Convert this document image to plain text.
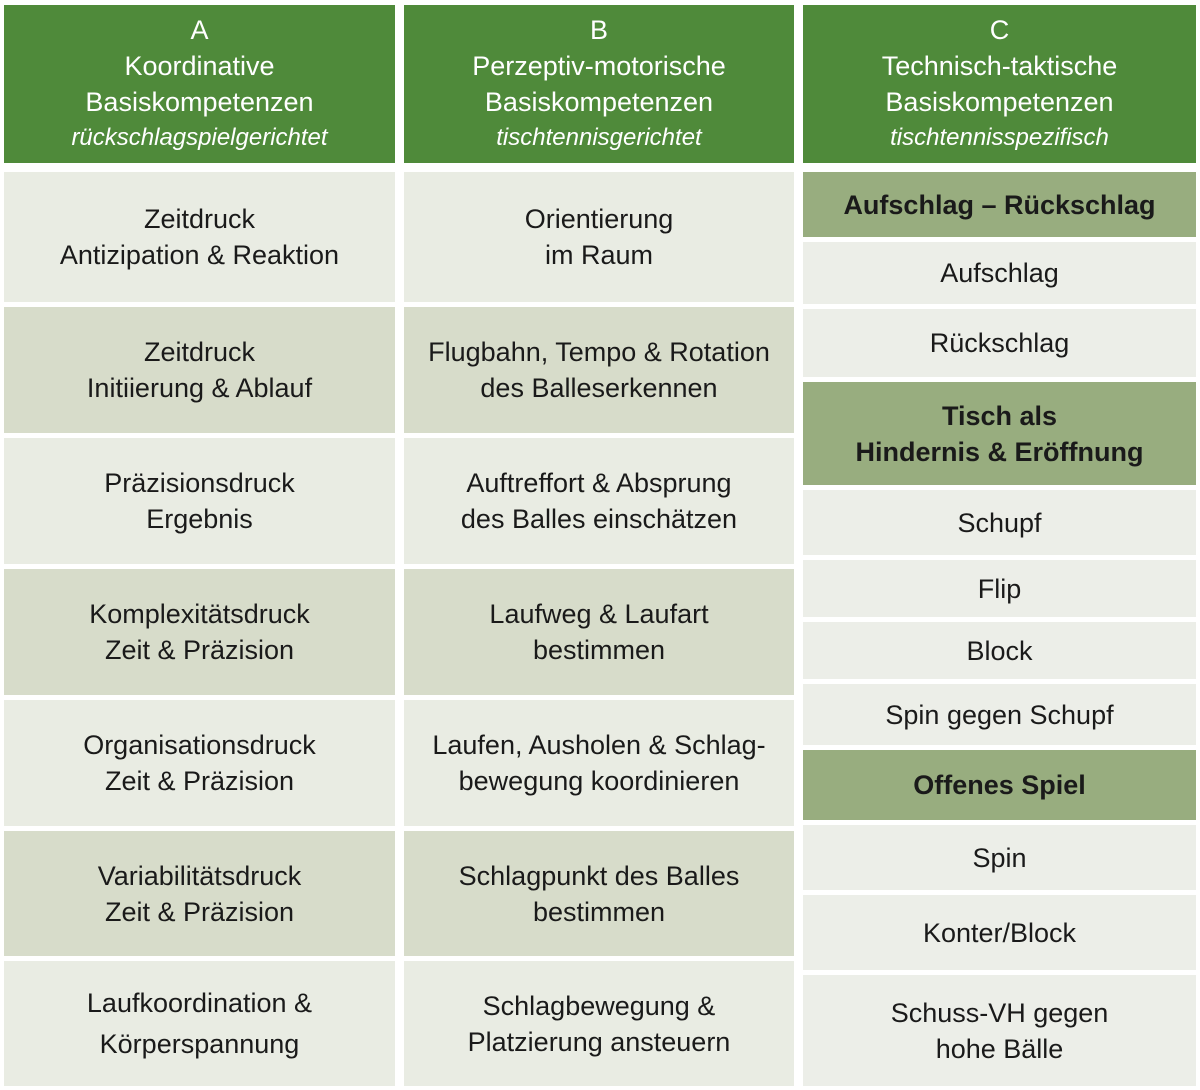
A
Koordinative
Basiskompetenzen
rückschlagspielgerichtet
Zeitdruck
Antizipation & Reaktion
Zeitdruck
Initiierung & Ablauf
Präzisionsdruck
Ergebnis
Komplexitätsdruck
Zeit & Präzision
Organisationsdruck
Zeit & Präzision
Variabilitätsdruck
Zeit & Präzision
Laufkoordination &
Körperspannung
B
Perzeptiv-motorische
Basiskompetenzen
tischtennisgerichtet
Orientierung
im Raum
Flugbahn, Tempo & Rotation
des Balleserkennen
Auftreffort & Absprung
des Balles einschätzen
Laufweg & Laufart
bestimmen
Laufen, Ausholen & Schlag-
bewegung koordinieren
Schlagpunkt des Balles
bestimmen
Schlagbewegung &
Platzierung ansteuern
C
Technisch-taktische
Basiskompetenzen
tischtennisspezifisch
Aufschlag – Rückschlag
Aufschlag
Rückschlag
Tisch als
Hindernis & Eröffnung
Schupf
Flip
Block
Spin gegen Schupf
Offenes Spiel
Spin
Konter/Block
Schuss-VH gegen
hohe Bälle
